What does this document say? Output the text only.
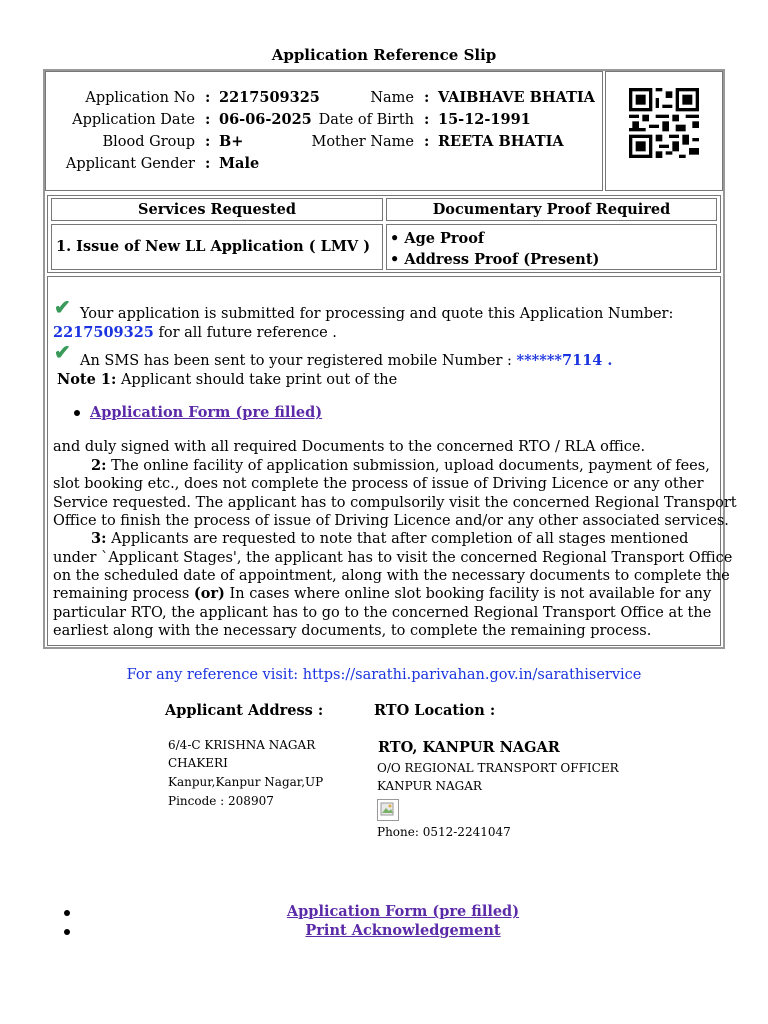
Application Reference Slip
Application No
Application Date
Blood Group
Applicant Gender
:
:
:
:
2217509325
06-06-2025
B+
Male
Name
Date of Birth
Mother Name
:
:
:
VAIBHAVE BHATIA
15-12-1991
REETA BHATIA
Services Requested	Documentary Proof Required
1. Issue of New LL Application ( LMV ) • Age Proof
• Address Proof (Present)
✔ Your application is submitted for processing and quote this Application Number:
2217509325 for all future reference .
✔ An SMS has been sent to your registered mobile Number : ******7114 .
Note 1: Applicant should take print out of the
Application Form (pre filled)
and duly signed with all required Documents to the concerned RTO / RLA office.
2: The online facility of application submission, upload documents, payment of fees,
slot booking etc., does not complete the process of issue of Driving Licence or any other
Service requested. The applicant has to compulsorily visit the concerned Regional Transport
Office to finish the process of issue of Driving Licence and/or any other associated services.
3: Applicants are requested to note that after completion of all stages mentioned
under `Applicant Stages', the applicant has to visit the concerned Regional Transport Office
on the scheduled date of appointment, along with the necessary documents to complete the
remaining process (or) In cases where online slot booking facility is not available for any
particular RTO, the applicant has to go to the concerned Regional Transport Office at the
earliest along with the necessary documents, to complete the remaining process.
For any reference visit: https://sarathi.parivahan.gov.in/sarathiservice
Applicant Address :	RTO Location :
6/4-C KRISHNA NAGAR
CHAKERI
Kanpur,Kanpur Nagar,UP
Pincode : 208907
RTO, KANPUR NAGAR
O/O REGIONAL TRANSPORT OFFICER
KANPUR NAGAR
Phone: 0512-2241047
Application Form (pre filled)
Print Acknowledgement
